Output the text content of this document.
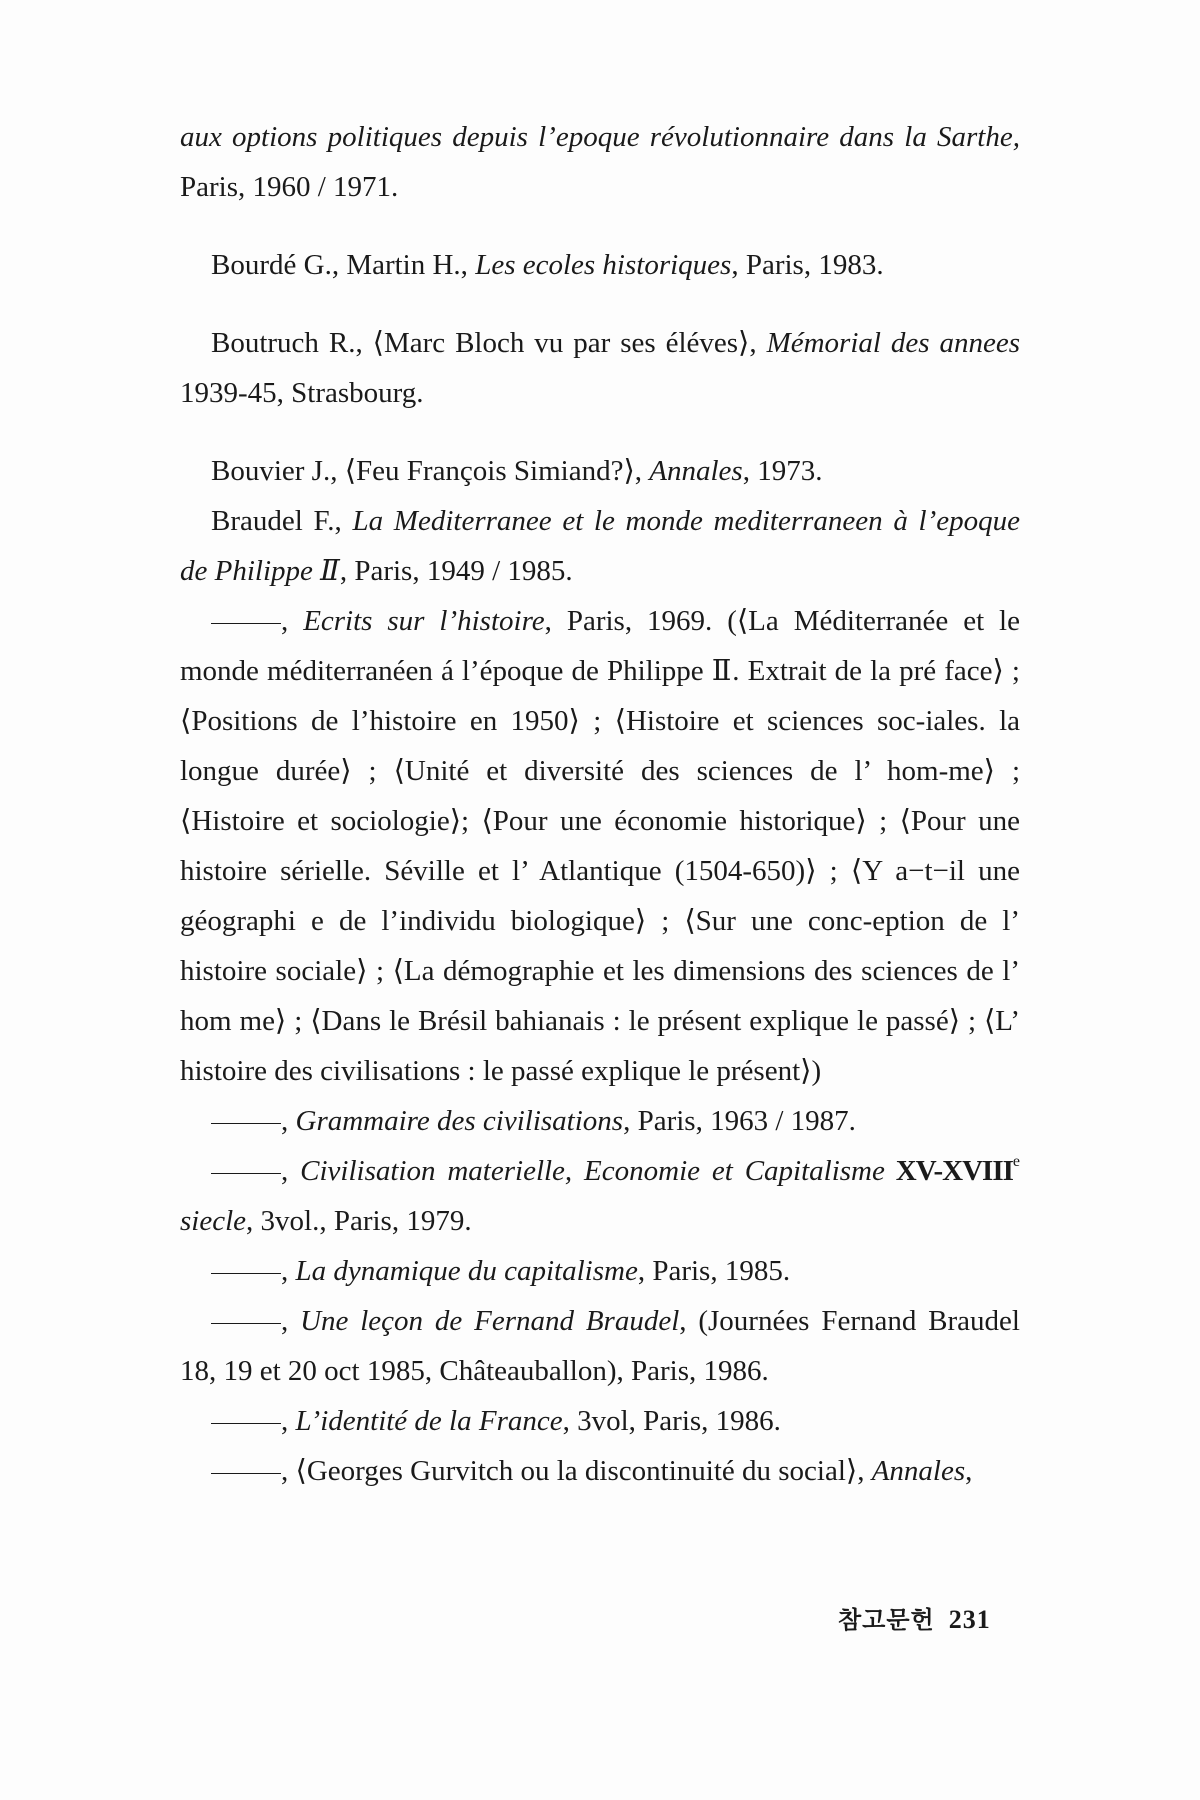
aux options politiques depuis l’epoque révolutionnaire dans la Sarthe, Paris, 1960 / 1971.

Bourdé G., Martin H., Les ecoles historiques, Paris, 1983.

Boutruch R., ⟨Marc Bloch vu par ses éléves⟩, Mémorial des annees 1939-45, Strasbourg.

Bouvier J., ⟨Feu François Simiand?⟩, Annales, 1973.

Braudel F., La Mediterranee et le monde mediterraneen à l’epoque de Philippe Ⅱ, Paris, 1949 / 1985.

, Ecrits sur l’histoire, Paris, 1969. (⟨La Méditerranée et le monde méditerranéen á l’époque de Philippe Ⅱ. Extrait de la pré face⟩ ; ⟨Positions de l’histoire en 1950⟩ ; ⟨Histoire et sciences soc-iales. la longue durée⟩ ; ⟨Unité et diversité des sciences de l’ hom-me⟩ ; ⟨Histoire et sociologie⟩; ⟨Pour une économie historique⟩ ; ⟨Pour une histoire sérielle. Séville et l’ Atlantique (1504-650)⟩ ; ⟨Y a−t−il une géographi e de l’individu biologique⟩ ; ⟨Sur une conc-eption de l’ histoire sociale⟩ ; ⟨La démographie et les dimensions des sciences de l’ hom me⟩ ; ⟨Dans le Brésil bahianais : le présent explique le passé⟩ ; ⟨L’ histoire des civilisations : le passé explique le présent⟩)

, Grammaire des civilisations, Paris, 1963 / 1987.

, Civilisation materielle, Economie et Capitalisme XV-XVIIIe siecle, 3vol., Paris, 1979.

, La dynamique du capitalisme, Paris, 1985.

, Une leçon de Fernand Braudel, (Journées Fernand Braudel 18, 19 et 20 oct 1985, Châteauballon), Paris, 1986.

, L’identité de la France, 3vol, Paris, 1986.

, ⟨Georges Gurvitch ou la discontinuité du social⟩, Annales,

참고문헌 231
